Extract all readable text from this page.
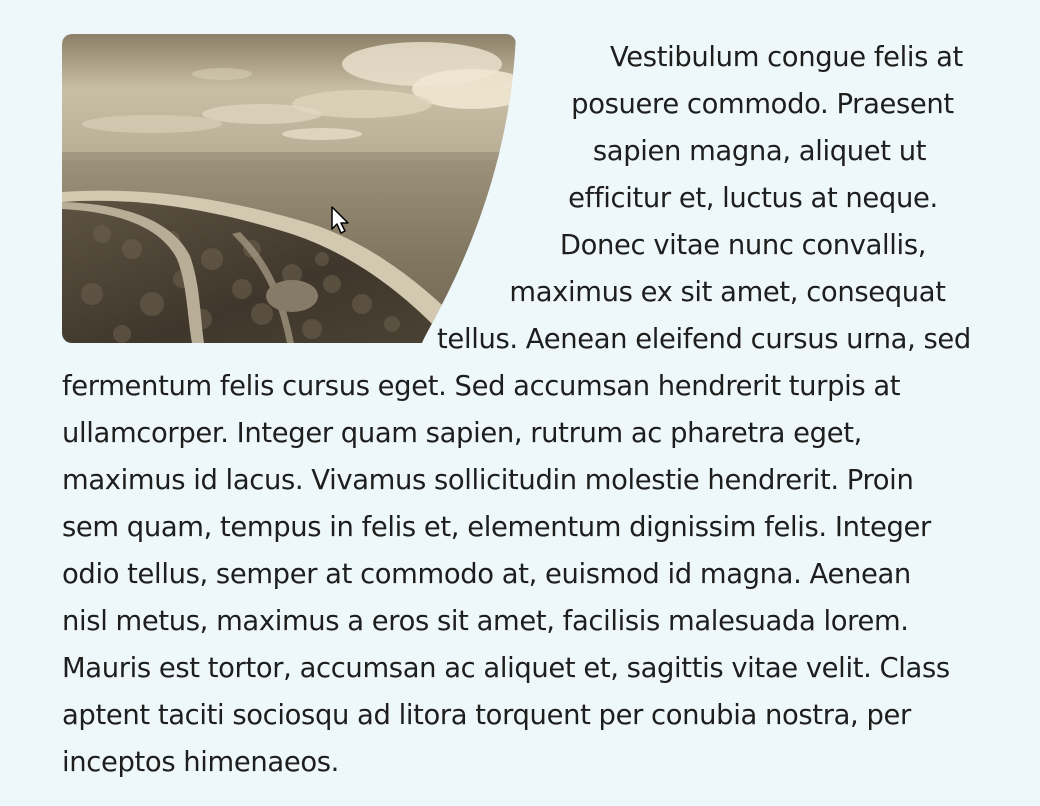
Vestibulum congue felis at
posuere commodo. Praesent
sapien magna, aliquet ut
efficitur et, luctus at neque.
Donec vitae nunc convallis,
maximus ex sit amet, consequat
tellus. Aenean eleifend cursus urna, sed
fermentum felis cursus eget. Sed accumsan hendrerit turpis at
ullamcorper. Integer quam sapien, rutrum ac pharetra eget,
maximus id lacus. Vivamus sollicitudin molestie hendrerit. Proin
sem quam, tempus in felis et, elementum dignissim felis. Integer
odio tellus, semper at commodo at, euismod id magna. Aenean
nisl metus, maximus a eros sit amet, facilisis malesuada lorem.
Mauris est tortor, accumsan ac aliquet et, sagittis vitae velit. Class
aptent taciti sociosqu ad litora torquent per conubia nostra, per
inceptos himenaeos.
